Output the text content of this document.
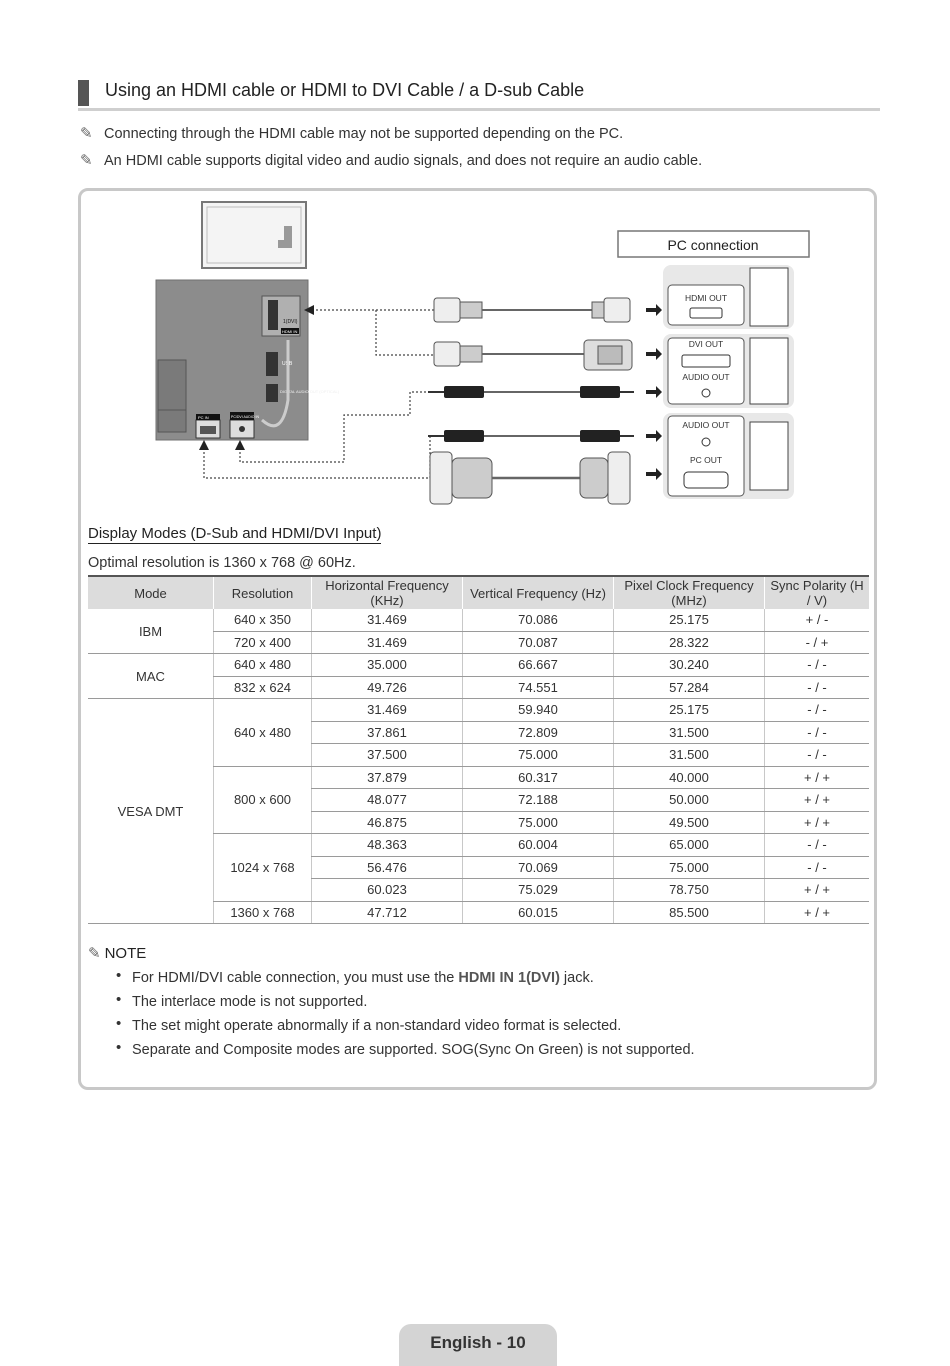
Using an HDMI cable or HDMI to DVI Cable / a D-sub Cable
✎ Connecting through the HDMI cable may not be supported depending on the PC.
✎ An HDMI cable supports digital video and audio signals, and does not require an audio cable.
1(DVI)
HDMI IN
USB
DIGITAL AUDIO OUT (OPTICAL)
PC IN	PC/DVI AUDIO IN
PC connection
HDMI OUT
DVI OUT
AUDIO OUT
AUDIO OUT
PC OUT
Display Modes (D-Sub and HDMI/DVI Input)
Optimal resolution is 1360 x 768 @ 60Hz.
Mode	Resolution	Horizontal Frequency (KHz)	Vertical Frequency (Hz)	Pixel Clock Frequency (MHz)	Sync Polarity (H / V)
IBM	640 x 350	31.469	70.086	25.175	+ / -
	720 x 400	31.469	70.087	28.322	- / +
MAC	640 x 480	35.000	66.667	30.240	- / -
	832 x 624	49.726	74.551	57.284	- / -
VESA DMT	640 x 480	31.469	59.940	25.175	- / -
		37.861	72.809	31.500	- / -
		37.500	75.000	31.500	- / -
	800 x 600	37.879	60.317	40.000	+ / +
		48.077	72.188	50.000	+ / +
		46.875	75.000	49.500	+ / +
	1024 x 768	48.363	60.004	65.000	- / -
		56.476	70.069	75.000	- / -
		60.023	75.029	78.750	+ / +
	1360 x 768	47.712	60.015	85.500	+ / +
✎ NOTE
• For HDMI/DVI cable connection, you must use the HDMI IN 1(DVI) jack.
• The interlace mode is not supported.
• The set might operate abnormally if a non-standard video format is selected.
• Separate and Composite modes are supported. SOG(Sync On Green) is not supported.
English - 10
